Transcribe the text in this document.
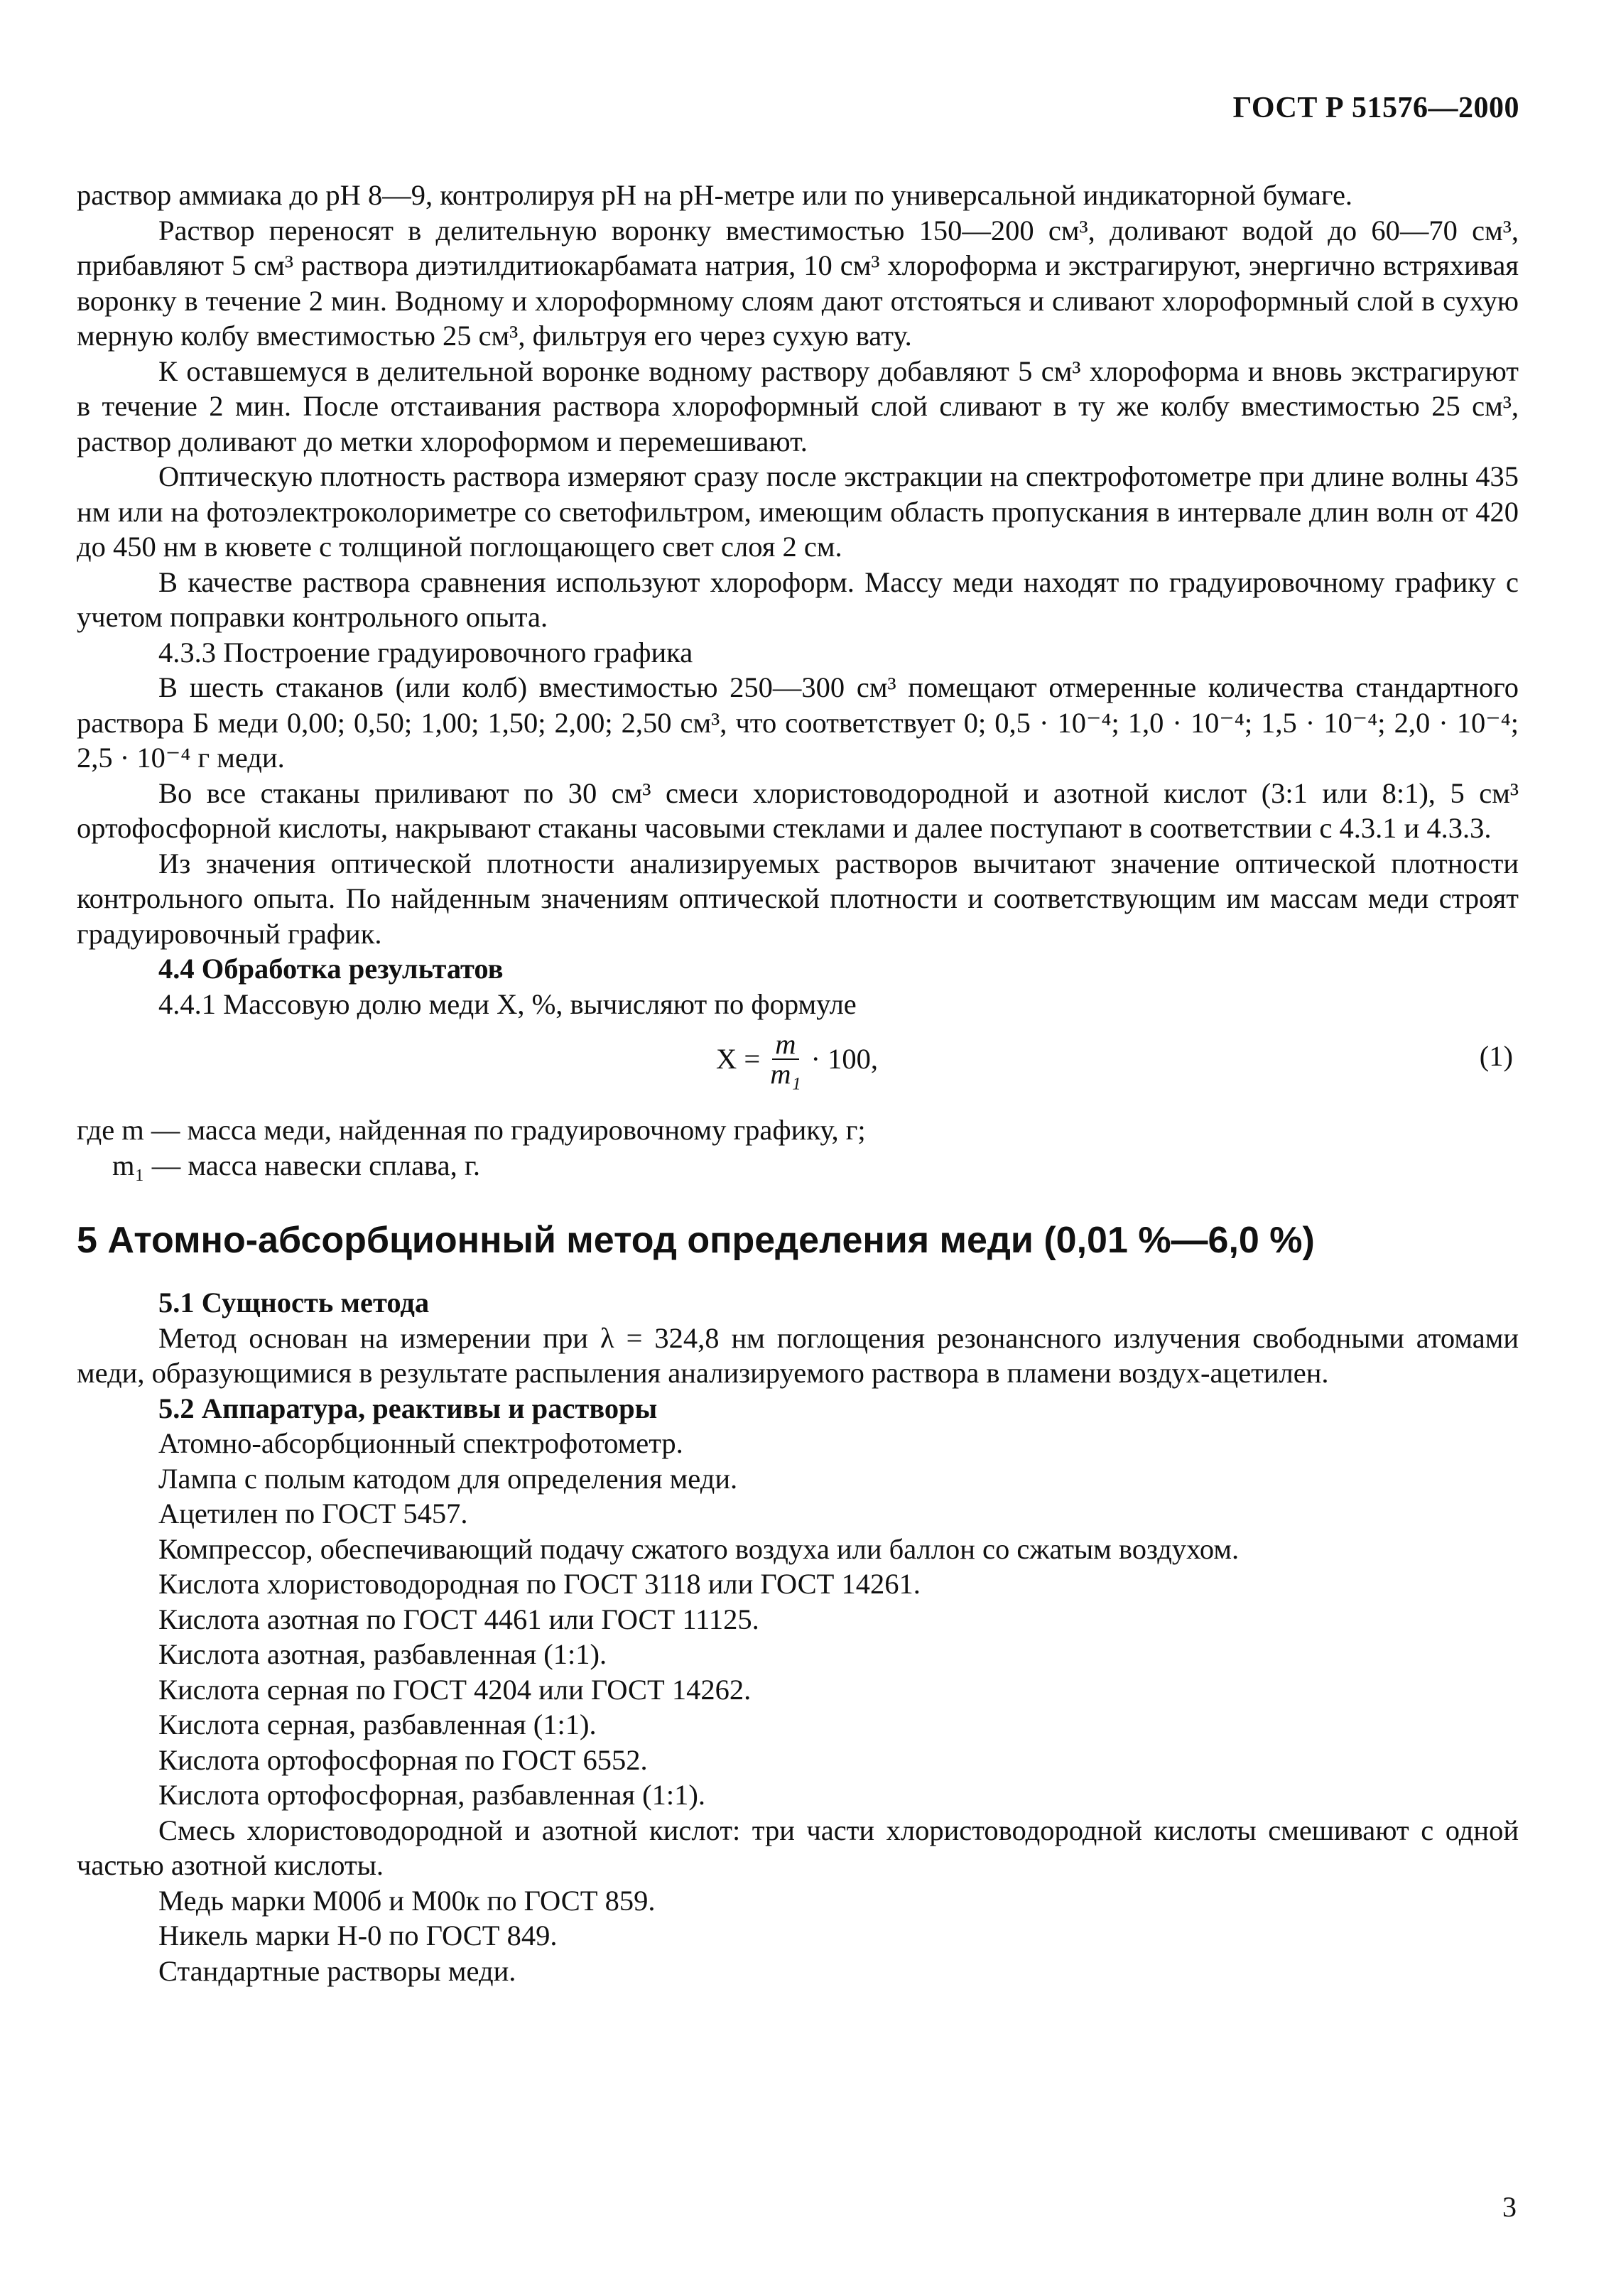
ГОСТ Р 51576—2000

раствор аммиака до pH 8—9, контролируя pH на pH-метре или по универсальной индикаторной бумаге.

Раствор переносят в делительную воронку вместимостью 150—200 см³, доливают водой до 60—70 см³, прибавляют 5 см³ раствора диэтилдитиокарбамата натрия, 10 см³ хлороформа и экстрагируют, энергично встряхивая воронку в течение 2 мин. Водному и хлороформному слоям дают отстояться и сливают хлороформный слой в сухую мерную колбу вместимостью 25 см³, фильтруя его через сухую вату.

К оставшемуся в делительной воронке водному раствору добавляют 5 см³ хлороформа и вновь экстрагируют в течение 2 мин. После отстаивания раствора хлороформный слой сливают в ту же колбу вместимостью 25 см³, раствор доливают до метки хлороформом и перемешивают.

Оптическую плотность раствора измеряют сразу после экстракции на спектрофотометре при длине волны 435 нм или на фотоэлектроколориметре со светофильтром, имеющим область пропускания в интервале длин волн от 420 до 450 нм в кювете с толщиной поглощающего свет слоя 2 см.

В качестве раствора сравнения используют хлороформ. Массу меди находят по градуировочному графику с учетом поправки контрольного опыта.

4.3.3 Построение градуировочного графика

В шесть стаканов (или колб) вместимостью 250—300 см³ помещают отмеренные количества стандартного раствора Б меди 0,00; 0,50; 1,00; 1,50; 2,00; 2,50 см³, что соответствует 0; 0,5 · 10⁻⁴; 1,0 · 10⁻⁴; 1,5 · 10⁻⁴; 2,0 · 10⁻⁴; 2,5 · 10⁻⁴ г меди.

Во все стаканы приливают по 30 см³ смеси хлористоводородной и азотной кислот (3:1 или 8:1), 5 см³ ортофосфорной кислоты, накрывают стаканы часовыми стеклами и далее поступают в соответствии с 4.3.1 и 4.3.3.

Из значения оптической плотности анализируемых растворов вычитают значение оптической плотности контрольного опыта. По найденным значениям оптической плотности и соответствующим им массам меди строят градуировочный график.

4.4 Обработка результатов

4.4.1 Массовую долю меди X, %, вычисляют по формуле

$X = \frac{m}{\text{m₁}} \cdot 100$,	(1)

где m — масса меди, найденная по градуировочному графику, г;

m₁ — масса навески сплава, г.

5 Атомно-абсорбционный метод определения меди (0,01 %—6,0 %)

5.1 Сущность метода

Метод основан на измерении при λ = 324,8 нм поглощения резонансного излучения свободными атомами меди, образующимися в результате распыления анализируемого раствора в пламени воздух-ацетилен.

5.2 Аппаратура, реактивы и растворы

Атомно-абсорбционный спектрофотометр.

Лампа с полым катодом для определения меди.

Ацетилен по ГОСТ 5457.

Компрессор, обеспечивающий подачу сжатого воздуха или баллон со сжатым воздухом.

Кислота хлористоводородная по ГОСТ 3118 или ГОСТ 14261.

Кислота азотная по ГОСТ 4461 или ГОСТ 11125.

Кислота азотная, разбавленная (1:1).

Кислота серная по ГОСТ 4204 или ГОСТ 14262.

Кислота серная, разбавленная (1:1).

Кислота ортофосфорная по ГОСТ 6552.

Кислота ортофосфорная, разбавленная (1:1).

Смесь хлористоводородной и азотной кислот: три части хлористоводородной кислоты смешивают с одной частью азотной кислоты.

Медь марки М00б и М00к по ГОСТ 859.

Никель марки Н-0 по ГОСТ 849.

Стандартные растворы меди.

3
